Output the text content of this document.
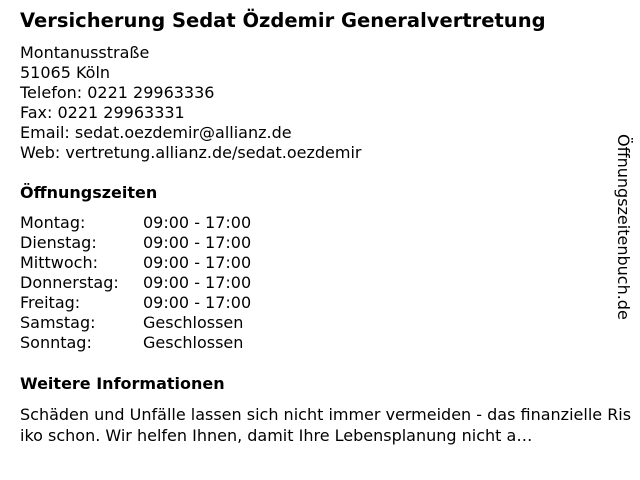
Versicherung Sedat Özdemir Generalvertretung
Montanusstraße
51065 Köln
Telefon: 0221 29963336
Fax: 0221 29963331
Email: sedat.oezdemir@allianz.de
Web: vertretung.allianz.de/sedat.oezdemir
Öffnungszeiten
Montag:	09:00 - 17:00
Dienstag:	09:00 - 17:00
Mittwoch:	09:00 - 17:00
Donnerstag:	09:00 - 17:00
Freitag:	09:00 - 17:00
Samstag:	Geschlossen
Sonntag:	Geschlossen
Weitere Informationen
Schäden und Unfälle lassen sich nicht immer vermeiden - das finanzielle Risiko schon. Wir helfen Ihnen, damit Ihre Lebensplanung nicht a…
Öffnungszeitenbuch.de
